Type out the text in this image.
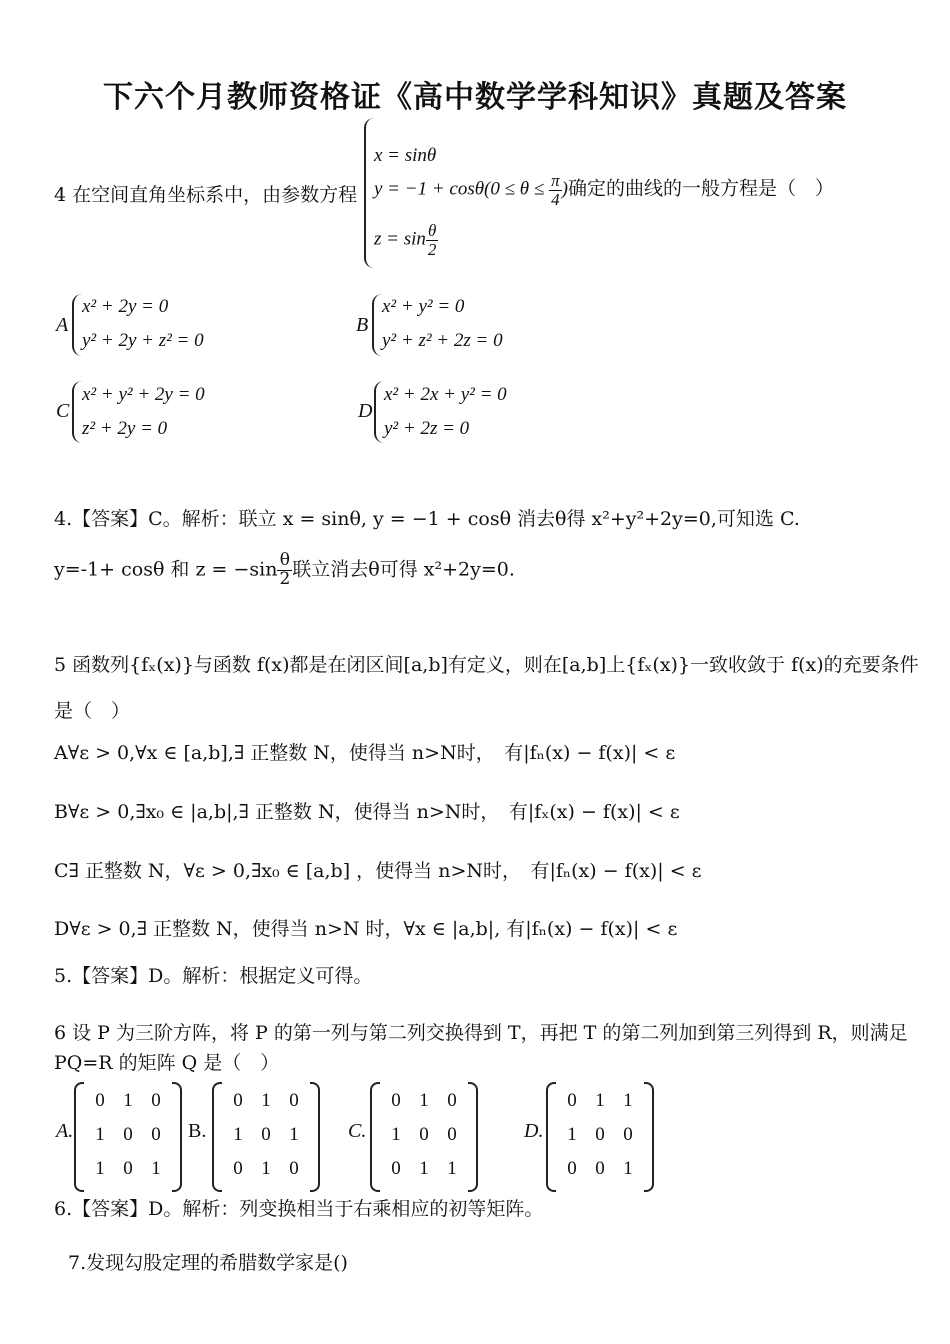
下六个月教师资格证《高中数学学科知识》真题及答案
4 在空间直角坐标系中，由参数方程
x = sinθ
$y = -1 + \cos\theta(0 \le \theta \le \frac{\pi}{4}$ )确定的曲线的一般方程是（　）
$z = \sin \frac{\theta}{2}$
A
x² + 2y = 0
y² + 2y + z² = 0
B
x² + y² = 0
y² + z² + 2z = 0
C
x² + y² + 2y = 0
z² + 2y = 0
D
x² + 2x + y² = 0
y² + 2z = 0
4.【答案】C。解析：联立 x = sinθ, y = −1 + cosθ 消去θ得 x²+y²+2y=0,可知选 C.
y=-1+ cosθ 和 $z = -\sin \frac{\theta}{2}$ 联立消去θ可得 x²+2y=0.
5 函数列{fₓ(x)}与函数 f(x)都是在闭区间[a,b]有定义，则在[a,b]上{fₓ(x)}一致收敛于 f(x)的充要条件
是（　）
A∀ε > 0,∀x ∈ [a,b],∃ 正整数 N，使得当 n>N时，　有|fₙ(x) − f(x)| < ε
B∀ε > 0,∃x₀ ∈ |a,b|,∃ 正整数 N，使得当 n>N时，　有|fₓ(x) − f(x)| < ε
C∃ 正整数 N，∀ε > 0,∃x₀ ∈ [a,b] ，使得当 n>N时，　有|fₙ(x) − f(x)| < ε
D∀ε > 0,∃ 正整数 N，使得当 n>N 时，∀x ∈ |a,b|, 有|fₙ(x) − f(x)| < ε
5.【答案】D。解析：根据定义可得。
6 设 P 为三阶方阵，将 P 的第一列与第二列交换得到 T，再把 T 的第二列加到第三列得到 R，则满足
PQ=R 的矩阵 Q 是（　）
A.
0	1	0
1	0	0
1	0	1
B.
0	1	0
1	0	1
0	1	0
C.
0	1	0
1	0	0
0	1	1
D.
0	1	1
1	0	0
0	0	1
6.【答案】D。解析：列变换相当于右乘相应的初等矩阵。
7.发现勾股定理的希腊数学家是()
